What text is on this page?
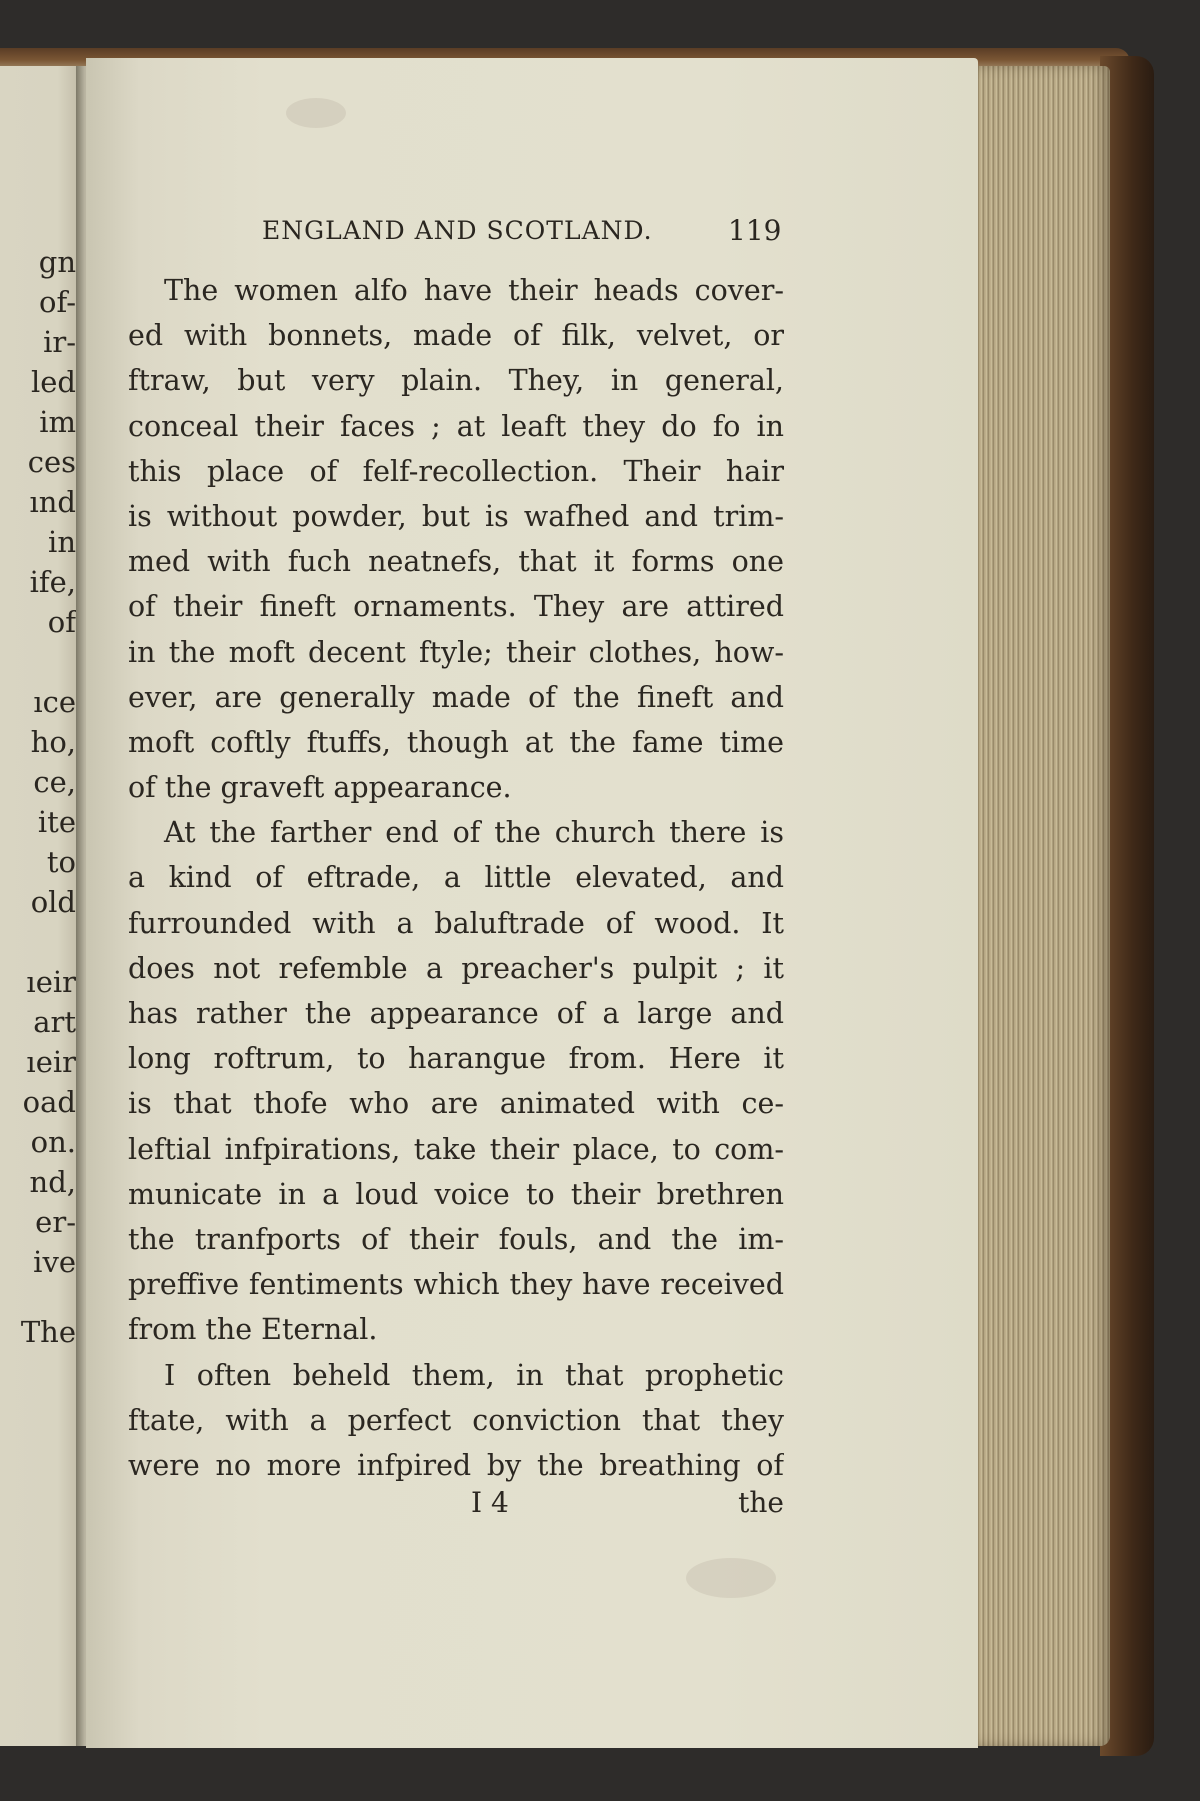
gn
of-
ir-
led
im
ces
ınd
in
ife,
of
ıce
ho,
ce,
ite
to
old
ıeir
art
ıeir
oad
on.
nd,
er-
ive
The
ENGLAND AND SCOTLAND.	119
The women alfo have their heads cover-
ed with bonnets, made of filk, velvet, or
ftraw, but very plain. They, in general,
conceal their faces ; at leaft they do fo in
this place of felf-recollection. Their hair
is without powder, but is wafhed and trim-
med with fuch neatnefs, that it forms one
of their fineft ornaments. They are attired
in the moft decent ftyle; their clothes, how-
ever, are generally made of the fineft and
moft coftly ftuffs, though at the fame time
of the graveft appearance.
At the farther end of the church there is
a kind of eftrade, a little elevated, and
furrounded with a baluftrade of wood. It
does not refemble a preacher's pulpit ; it
has rather the appearance of a large and
long roftrum, to harangue from. Here it
is that thofe who are animated with ce-
leftial infpirations, take their place, to com-
municate in a loud voice to their brethren
the tranfports of their fouls, and the im-
preffive fentiments which they have received
from the Eternal.
I often beheld them, in that prophetic
ftate, with a perfect conviction that they
were no more infpired by the breathing of
I 4	the
